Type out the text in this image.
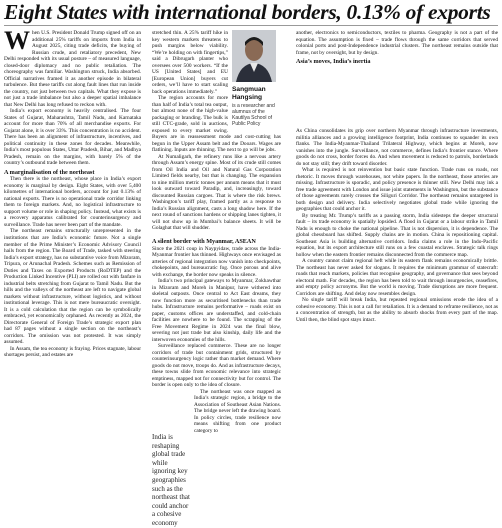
Eight States with international borders, 0.13% of exports
W hen U.S. President Donald Trump signed off on an additional 25% tariffs on imports from India in August 2025, citing trade deficits, the buying of Russian crude, and retaliatory precedent, New Delhi responded with its usual posture – of measured language, closed-door diplomacy and no public retaliation. The choreography was familiar. Washington struck, India absorbed. Official narratives framed it as another episode in bilateral turbulence. But these tariffs cut along fault lines that run inside the country, not just between two capitals. What they expose is not just a trade imbalance but also a deeper spatial imbalance that New Delhi has long refused to reckon with.

India’s export economy is heavily centralised. The four States of Gujarat, Maharashtra, Tamil Nadu, and Karnataka account for more than 70% of all merchandise exports. For Gujarat alone, it is over 33%. This concentration is no accident. There has been an alignment of infrastructure, incentives, and political continuity in these zones for decades. Meanwhile, India’s most populous States, Uttar Pradesh, Bihar, and Madhya Pradesh, remain on the margins, with barely 5% of the country’s outbound trade between them.

A marginalisation of the northeast

Then there is the northeast, whose place in India’s export economy is marginal by design. Eight States, with over 5,400 kilometres of international borders, account for just 0.13% of national exports. There is no operational trade corridor linking them to foreign markets. And, no logistical infrastructure to support volume or role in shaping policy. Instead, what exists is a recovery apparatus calibrated for counterinsurgency and surveillance. Trade has never been part of the mandate.

The northeast remains structurally unrepresented in the institutions that are India’s economic future. Not a single member of the Prime Minister’s Economic Advisory Council hails from the region. The Board of Trade, tasked with steering India’s export strategy, has no substantive voice from Mizoram, Tripura, or Arunachal Pradesh. Schemes such as Remission of Duties and Taxes on Exported Products (RoDTEP) and the Production Linked Incentive (PLI) are rolled out with fanfare in industrial belts stretching from Gujarat to Tamil Nadu. But the hills and the valleys of the northeast are left to navigate global markets without infrastructure, without logistics, and without institutional leverage. This is not mere bureaucratic oversight. It is a cold calculation that the region can be symbolically embraced, yet economically orphaned. As recently as 2024, the Directorate General of Foreign Trade’s strategic export plan had 87 pages without a single section on the northeast’s corridors. The omission was not protested. It was simply assumed.

In Assam, the tea economy is fraying. Prices stagnate, labour shortages persist, and estates are

Sangmuan Hangsing
is a researcher and alumnus of the Kautilya School of Public Policy

stretched thin. A 25% tariff hike in key western markets threatens to push margins below viability. “We’re holding on with fingertips,” said a Dibrugarh planter who oversees over 500 workers. “If the US [United States] and EU [European Union] buyers cut orders, we’ll have to start scaling back operations immediately.”

The region accounts for more than half of India’s total tea output, but almost none of the high-value packaging or branding. The bulk is still CTC-grade, sold in auctions, exposed to every market swing. Buyers are in reassessment mode and cost-cutting has begun in the Upper Assam belt and the Dooars. Wages are flatlining. Inputs are thinning. The next to go will be jobs.

At Numaligarh, the refinery runs like a nervous artery through Assam’s energy spine. Most of its crude still comes from Oil India and Oil and Natural Gas Corporation Limited fields nearby, but that is changing. The expansion to nine million metric tonnes per annum means that it must look outward toward Paradip, and, increasingly, toward discounted Russian cargoes. That is where the risk brews. Washington’s tariff play, framed partly as a response to India’s Russian alignment, casts a long shadow here. If the next round of sanctions hardens or shipping lanes tighten, it will not show up in Mumbai’s balance sheets. It will be Golaghat that will shudder.

A silent border with Myanmar, ASEAN

Since the 2021 coup in Naypyidaw, trade across the India-Myanmar frontier has thinned. Highways once envisaged as arteries of regional integration now vanish into checkpoints, chokepoints, and bureaucratic fog. Once porous and alive with exchange, the border now speaks in silence.

India’s two principal gateways to Myanmar, Zokhawthar in Mizoram and Moreh in Manipur, have withered into skeletal outposts. Once central to Act East dreams, they now function more as securitised bottlenecks than trade hubs. Infrastructure remains performative – roads exist on paper, customs offices are understaffed, and cold-chain facilities are nowhere to be found. The scrapping of the Free Movement Regime in 2024 was the final blow, severing not just trade but also kinship, daily life and the interwoven economies of the hills.

Surveillance replaced commerce. These are no longer corridors of trade but containment grids, structured by counterinsurgency logic rather than market demand. Where goods do not move, troops do. And as infrastructure decays, these towns slide from economic relevance into strategic emptiness, mapped not for connectivity but for control. The border is open only to the idea of closure.

The northeast was once mapped as India’s strategic region, a bridge to the Association of Southeast Asian Nations. The bridge never left the drawing board. In policy circles, trade resilience now means shifting from one product category to

India is reshaping global trade while ignoring key geographies such as the northeast that could anchor a cohesive economy

another, electronics to semiconductors, textiles to pharma. Geography is not a part of the equation. The assumption is fixed – trade flows through the same corridors that served colonial ports and post-Independence industrial clusters. The northeast remains outside that frame, not by oversight, but by design.

Asia’s moves, India’s inertia

As China consolidates its grip over northern Myanmar through infrastructure investments, militia alliances and a growing intelligence footprint, India continues to squander its own flanks. The India-Myanmar-Thailand Trilateral Highway, which begins at Moreh, now vanishes into the jungle. Surveillance, not commerce, defines India’s frontier stance. Where goods do not cross, border forces do. And when movement is reduced to patrols, borderlands do not stay still; they drift toward disorder.

What is required is not reinvention but basic state function. Trade runs on roads, not rhetoric. It moves through warehouses, not white papers. In the northeast, those arteries are missing. Infrastructure is sporadic, and policy presence is thinner still. New Delhi may ink a free trade agreement with London and issue joint statements in Washington, but the substance of those agreements rarely crosses the Siliguri Corridor. The northeast remains untargeted in both design and delivery. India selectively negotiates global trade while ignoring the geographies that could anchor it.

By treating Mr. Trump’s tariffs as a passing storm, India sidesteps the deeper structural fault – its trade economy is spatially lopsided. A flood in Gujarat or a labour strike in Tamil Nadu is enough to choke the national pipeline. That is not dispersion, it is dependence. The global chessboard has shifted. Supply chains are in motion. China is repositioning capital. Southeast Asia is building alternative corridors. India claims a role in the Indo-Pacific equation, but its export architecture still runs on a few coastal enclaves. Strategic talk rings hollow when the eastern frontier remains disconnected from the commerce map.

A country cannot claim regional heft while its eastern flank remains economically brittle. The northeast has never asked for slogans. It requires the minimum grammar of statecraft: roads that reach markets, policies that recognise geography, and governance that sees beyond electoral math. For decades, the region has been told to wait through insurgencies, ceasefires, and empty policy acronyms. But the world is moving. Trade disruptions are more frequent. Corridors are shifting. And delay now resembles design.

No single tariff will break India, but repeated regional omissions erode the idea of a cohesive economy. This is not a call for retaliation. It is a demand to reframe resilience, not as a concentration of strength, but as the ability to absorb shocks from every part of the map. Until then, the blind spot stays intact.
